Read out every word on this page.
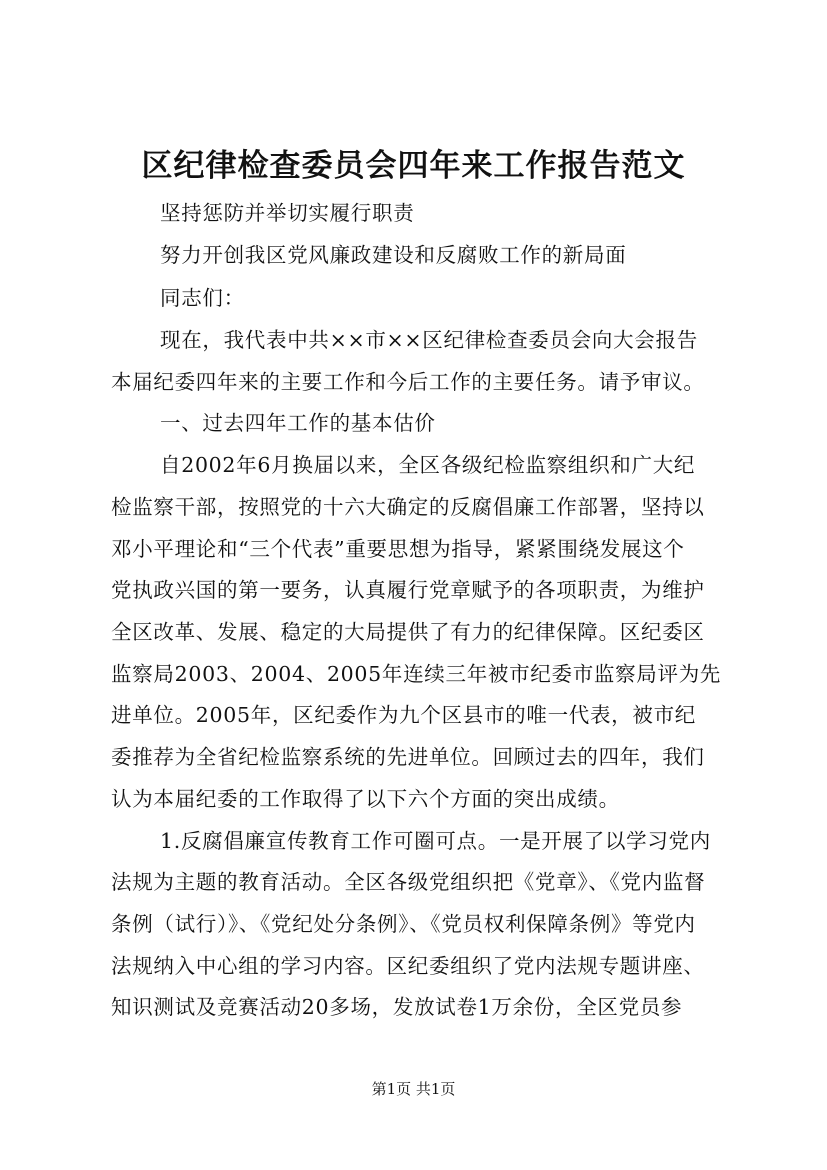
区纪律检查委员会四年来工作报告范文
坚持惩防并举切实履行职责
努力开创我区党风廉政建设和反腐败工作的新局面
同志们：
现在，我代表中共××市××区纪律检查委员会向大会报告
本届纪委四年来的主要工作和今后工作的主要任务。请予审议。
一、过去四年工作的基本估价
自2002年6月换届以来，全区各级纪检监察组织和广大纪
检监察干部，按照党的十六大确定的反腐倡廉工作部署，坚持以
邓小平理论和“三个代表”重要思想为指导，紧紧围绕发展这个
党执政兴国的第一要务，认真履行党章赋予的各项职责，为维护
全区改革、发展、稳定的大局提供了有力的纪律保障。区纪委区
监察局2003、2004、2005年连续三年被市纪委市监察局评为先
进单位。2005年，区纪委作为九个区县市的唯一代表，被市纪
委推荐为全省纪检监察系统的先进单位。回顾过去的四年，我们
认为本届纪委的工作取得了以下六个方面的突出成绩。
1.反腐倡廉宣传教育工作可圈可点。一是开展了以学习党内
法规为主题的教育活动。全区各级党组织把《党章》、《党内监督
条例（试行）》、《党纪处分条例》、《党员权利保障条例》等党内
法规纳入中心组的学习内容。区纪委组织了党内法规专题讲座、
知识测试及竞赛活动20多场，发放试卷1万余份，全区党员参
第1页 共1页
